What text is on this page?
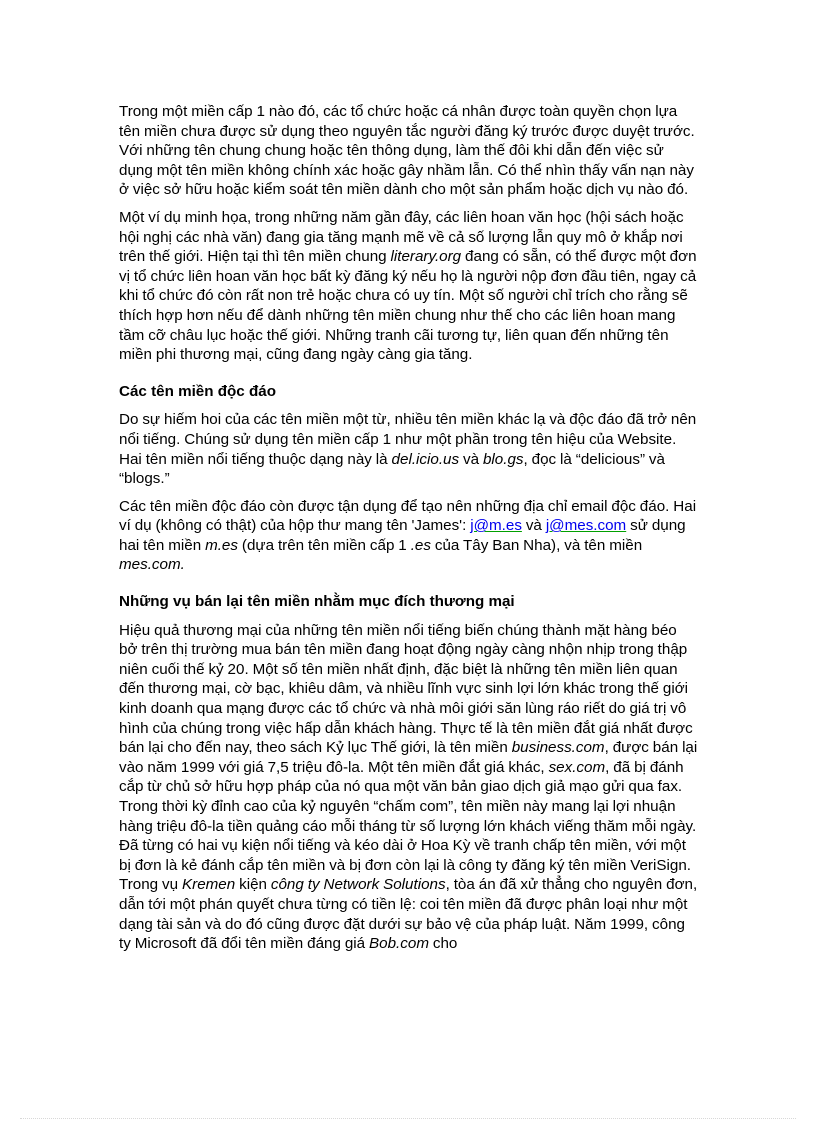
Trong một miền cấp 1 nào đó, các tổ chức hoặc cá nhân được toàn quyền chọn lựa tên miền chưa được sử dụng theo nguyên tắc người đăng ký trước được duyệt trước. Với những tên chung chung hoặc tên thông dụng, làm thế đôi khi dẫn đến việc sử dụng một tên miền không chính xác hoặc gây nhầm lẫn. Có thể nhìn thấy vấn nạn này ở việc sở hữu hoặc kiểm soát tên miền dành cho một sản phẩm hoặc dịch vụ nào đó.

Một ví dụ minh họa, trong những năm gần đây, các liên hoan văn học (hội sách hoặc hội nghị các nhà văn) đang gia tăng mạnh mẽ về cả số lượng lẫn quy mô ở khắp nơi trên thế giới. Hiện tại thì tên miền chung literary.org đang có sẵn, có thể được một đơn vị tổ chức liên hoan văn học bất kỳ đăng ký nếu họ là người nộp đơn đầu tiên, ngay cả khi tổ chức đó còn rất non trẻ hoặc chưa có uy tín. Một số người chỉ trích cho rằng sẽ thích hợp hơn nếu để dành những tên miền chung như thế cho các liên hoan mang tầm cỡ châu lục hoặc thế giới. Những tranh cãi tương tự, liên quan đến những tên miền phi thương mại, cũng đang ngày càng gia tăng.

Các tên miền độc đáo

Do sự hiếm hoi của các tên miền một từ, nhiều tên miền khác lạ và độc đáo đã trở nên nổi tiếng. Chúng sử dụng tên miền cấp 1 như một phần trong tên hiệu của Website. Hai tên miền nổi tiếng thuộc dạng này là del.icio.us và blo.gs, đọc là “delicious” và “blogs.”

Các tên miền độc đáo còn được tận dụng để tạo nên những địa chỉ email độc đáo. Hai ví dụ (không có thật) của hộp thư mang tên 'James': j@m.es và j@mes.com sử dụng hai tên miền m.es (dựa trên tên miền cấp 1 .es của Tây Ban Nha), và tên miền mes.com.

Những vụ bán lại tên miền nhằm mục đích thương mại

Hiệu quả thương mại của những tên miền nổi tiếng biến chúng thành mặt hàng béo bở trên thị trường mua bán tên miền đang hoạt động ngày càng nhộn nhịp trong thập niên cuối thế kỷ 20. Một số tên miền nhất định, đặc biệt là những tên miền liên quan đến thương mại, cờ bạc, khiêu dâm, và nhiều lĩnh vực sinh lợi lớn khác trong thế giới kinh doanh qua mạng được các tổ chức và nhà môi giới săn lùng ráo riết do giá trị vô hình của chúng trong việc hấp dẫn khách hàng. Thực tế là tên miền đắt giá nhất được bán lại cho đến nay, theo sách Kỷ lục Thế giới, là tên miền business.com, được bán lại vào năm 1999 với giá 7,5 triệu đô-la. Một tên miền đắt giá khác, sex.com, đã bị đánh cắp từ chủ sở hữu hợp pháp của nó qua một văn bản giao dịch giả mạo gửi qua fax. Trong thời kỳ đỉnh cao của kỷ nguyên “chấm com”, tên miền này mang lại lợi nhuận hàng triệu đô-la tiền quảng cáo mỗi tháng từ số lượng lớn khách viếng thăm mỗi ngày. Đã từng có hai vụ kiện nổi tiếng và kéo dài ở Hoa Kỳ về tranh chấp tên miền, với một bị đơn là kẻ đánh cắp tên miền và bị đơn còn lại là công ty đăng ký tên miền VeriSign. Trong vụ Kremen kiện công ty Network Solutions, tòa án đã xử thẳng cho nguyên đơn, dẫn tới một phán quyết chưa từng có tiền lệ: coi tên miền đã được phân loại như một dạng tài sản và do đó cũng được đặt dưới sự bảo vệ của pháp luật. Năm 1999, công ty Microsoft đã đổi tên miền đáng giá Bob.com cho
